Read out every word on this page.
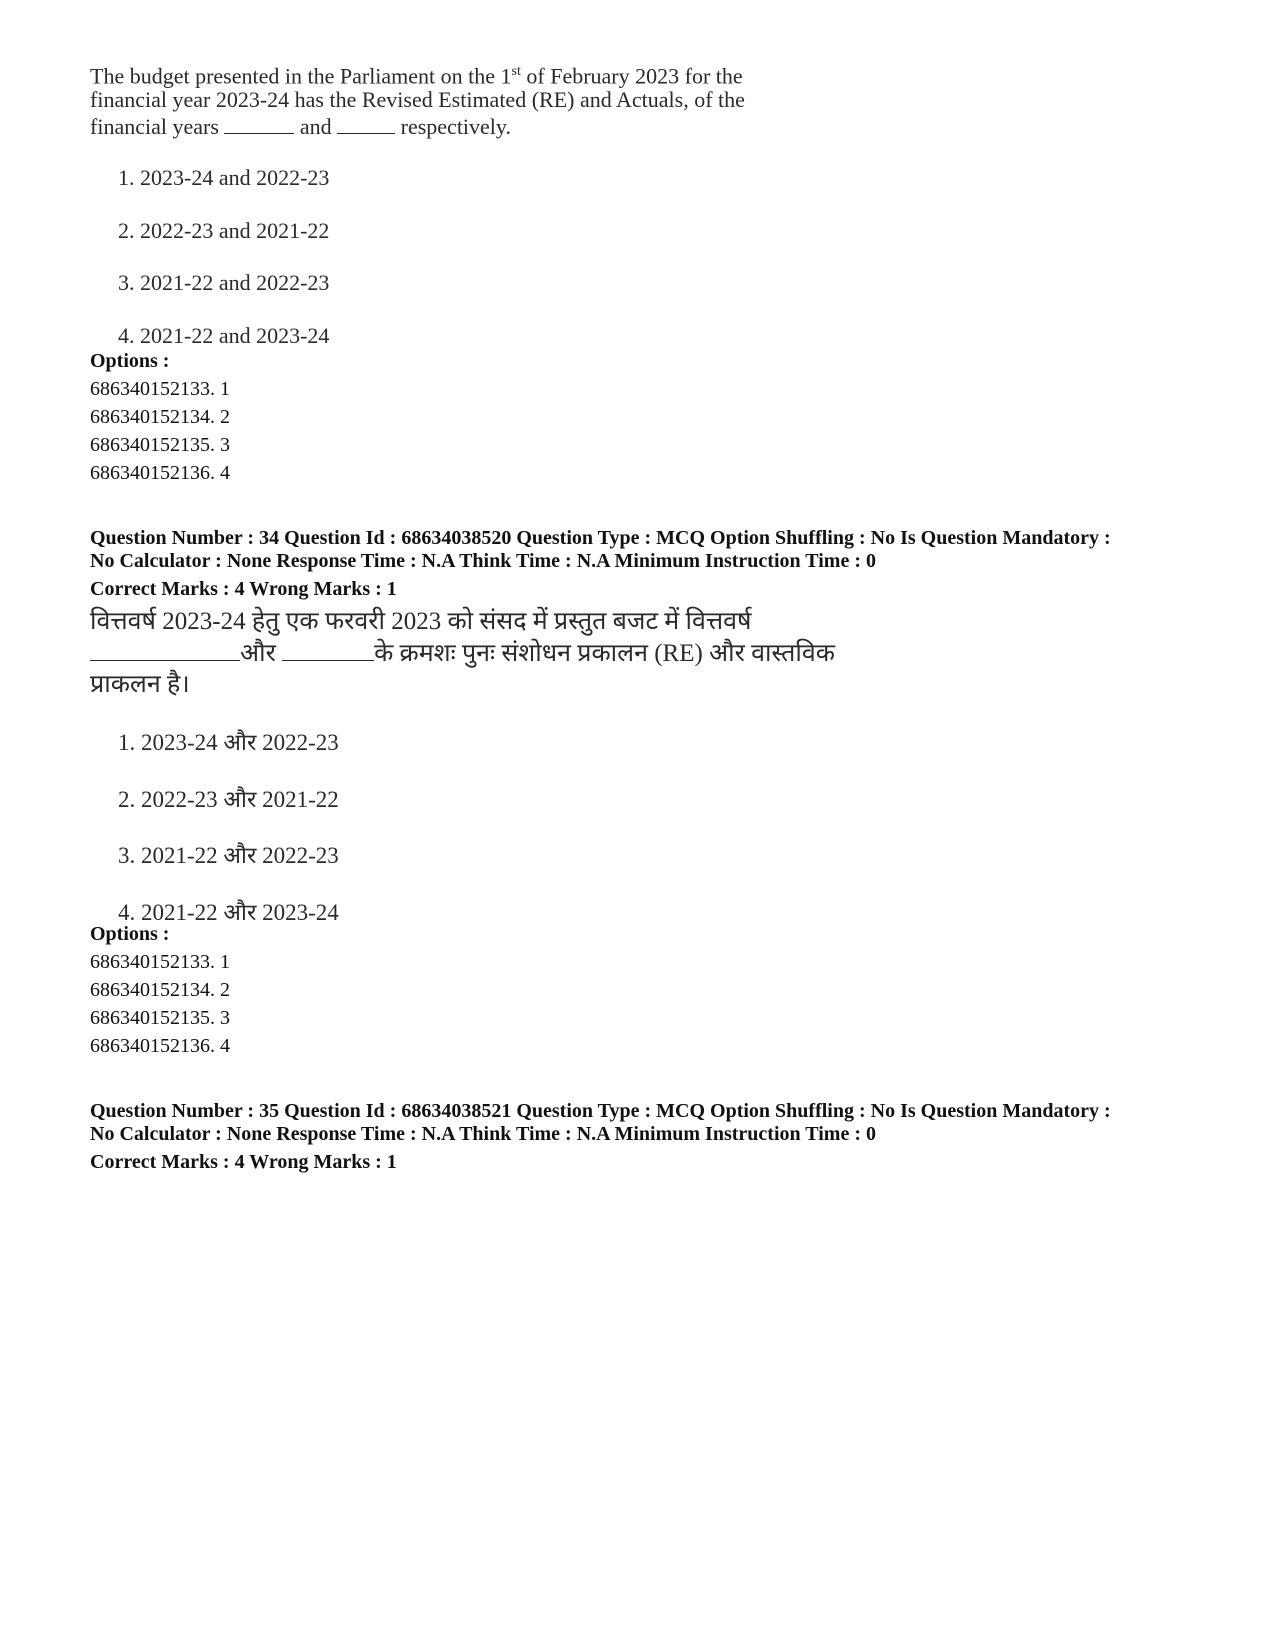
The budget presented in the Parliament on the 1st of February 2023 for the
financial year 2023-24 has the Revised Estimated (RE) and Actuals, of the
financial years	and	respectively.
1. 2023-24 and 2022-23
2. 2022-23 and 2021-22
3. 2021-22 and 2022-23
4. 2021-22 and 2023-24
Options :
686340152133. 1
686340152134. 2
686340152135. 3
686340152136. 4
Question Number : 34 Question Id : 68634038520 Question Type : MCQ Option Shuffling : No Is Question Mandatory :
No Calculator : None Response Time : N.A Think Time : N.A Minimum Instruction Time : 0
Correct Marks : 4 Wrong Marks : 1
वित्तवर्ष 2023-24 हेतु एक फरवरी 2023 को संसद में प्रस्तुत बजट में वित्तवर्ष
और	के क्रमशः पुनः संशोधन प्रकालन (RE) और वास्तविक
प्राकलन है।
1. 2023-24 और 2022-23
2. 2022-23 और 2021-22
3. 2021-22 और 2022-23
4. 2021-22 और 2023-24
Options :
686340152133. 1
686340152134. 2
686340152135. 3
686340152136. 4
Question Number : 35 Question Id : 68634038521 Question Type : MCQ Option Shuffling : No Is Question Mandatory :
No Calculator : None Response Time : N.A Think Time : N.A Minimum Instruction Time : 0
Correct Marks : 4 Wrong Marks : 1
